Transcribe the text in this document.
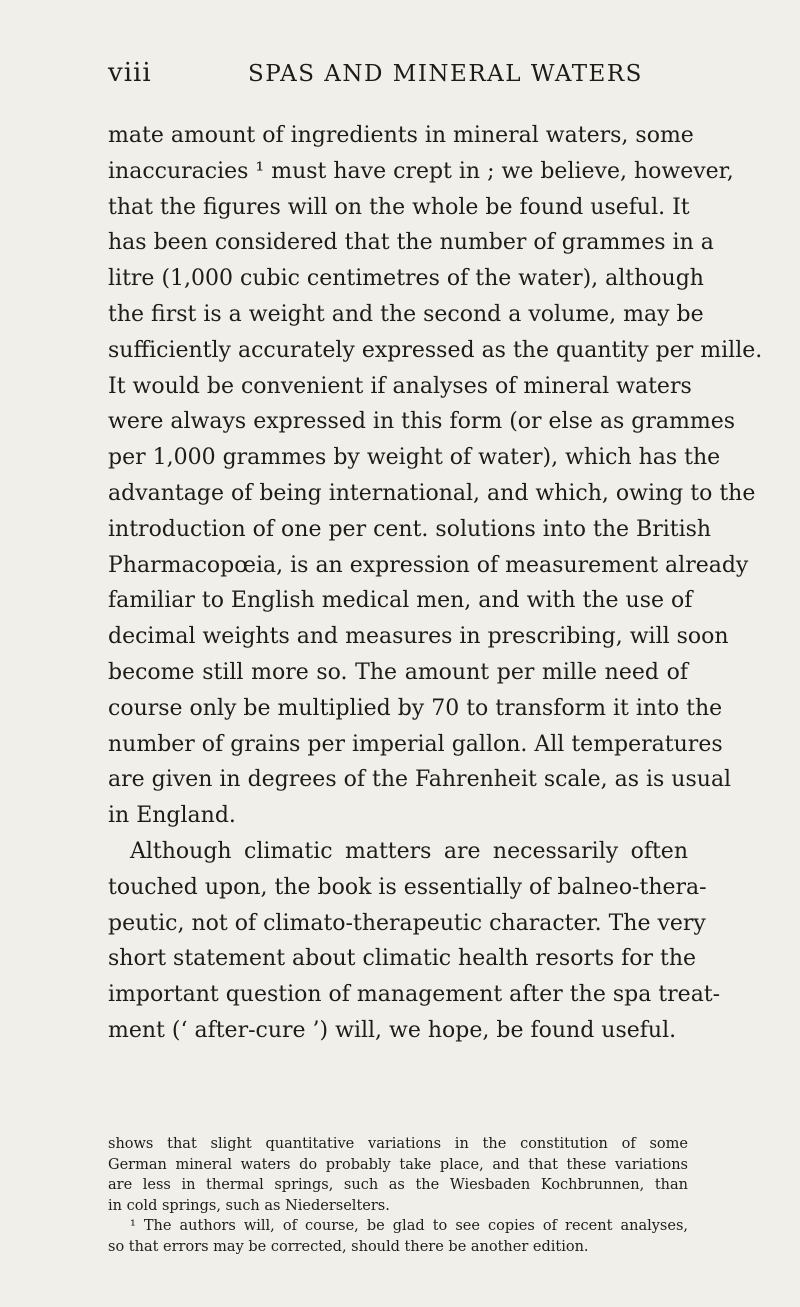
viii	SPAS AND MINERAL WATERS
mate amount of ingredients in mineral waters, some
inaccuracies ¹ must have crept in ; we believe, however,
that the figures will on the whole be found useful. It
has been considered that the number of grammes in a
litre (1,000 cubic centimetres of the water), although
the first is a weight and the second a volume, may be
sufficiently accurately expressed as the quantity per mille.
It would be convenient if analyses of mineral waters
were always expressed in this form (or else as grammes
per 1,000 grammes by weight of water), which has the
advantage of being international, and which, owing to the
introduction of one per cent. solutions into the British
Pharmacopœia, is an expression of measurement already
familiar to English medical men, and with the use of
decimal weights and measures in prescribing, will soon
become still more so. The amount per mille need of
course only be multiplied by 70 to transform it into the
number of grains per imperial gallon. All temperatures
are given in degrees of the Fahrenheit scale, as is usual
in England.
Although climatic matters are necessarily often
touched upon, the book is essentially of balneo-thera-
peutic, not of climato-therapeutic character. The very
short statement about climatic health resorts for the
important question of management after the spa treat-
ment (‘ after-cure ’) will, we hope, be found useful.
shows that slight quantitative variations in the constitution of some
German mineral waters do probably take place, and that these variations
are less in thermal springs, such as the Wiesbaden Kochbrunnen, than
in cold springs, such as Niederselters.
¹ The authors will, of course, be glad to see copies of recent analyses,
so that errors may be corrected, should there be another edition.
